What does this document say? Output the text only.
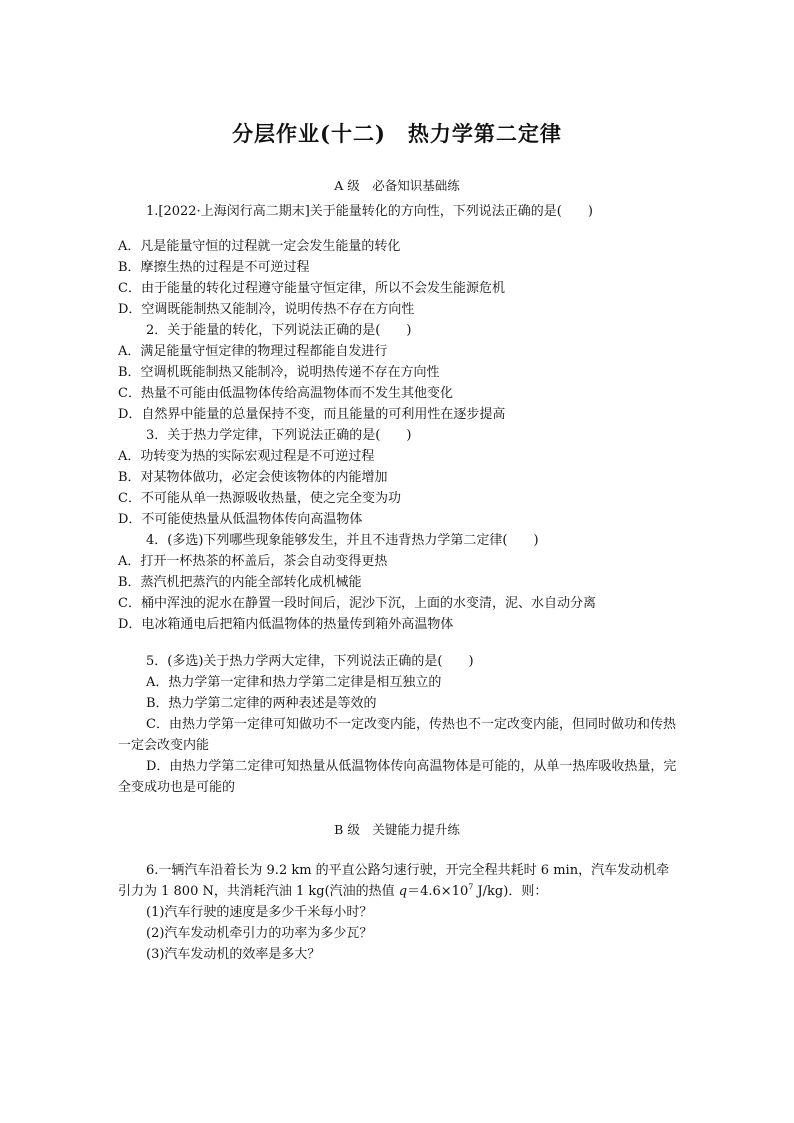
分层作业(十二)　热力学第二定律
A 级　必备知识基础练

1.[2022·上海闵行高二期末]关于能量转化的方向性，下列说法正确的是(　　)

A．凡是能量守恒的过程就一定会发生能量的转化

B．摩擦生热的过程是不可逆过程

C．由于能量的转化过程遵守能量守恒定律，所以不会发生能源危机

D．空调既能制热又能制冷，说明传热不存在方向性

2．关于能量的转化，下列说法正确的是(　　)

A．满足能量守恒定律的物理过程都能自发进行

B．空调机既能制热又能制冷，说明热传递不存在方向性

C．热量不可能由低温物体传给高温物体而不发生其他变化

D．自然界中能量的总量保持不变，而且能量的可利用性在逐步提高

3．关于热力学定律，下列说法正确的是(　　)

A．功转变为热的实际宏观过程是不可逆过程

B．对某物体做功，必定会使该物体的内能增加

C．不可能从单一热源吸收热量，使之完全变为功

D．不可能使热量从低温物体传向高温物体

4．(多选)下列哪些现象能够发生，并且不违背热力学第二定律(　　)

A．打开一杯热茶的杯盖后，茶会自动变得更热

B．蒸汽机把蒸汽的内能全部转化成机械能

C．桶中浑浊的泥水在静置一段时间后，泥沙下沉，上面的水变清，泥、水自动分离

D．电冰箱通电后把箱内低温物体的热量传到箱外高温物体

5．(多选)关于热力学两大定律，下列说法正确的是(　　)

A．热力学第一定律和热力学第二定律是相互独立的

B．热力学第二定律的两种表述是等效的

C．由热力学第一定律可知做功不一定改变内能，传热也不一定改变内能，但同时做功和传热一定会改变内能

D．由热力学第二定律可知热量从低温物体传向高温物体是可能的，从单一热库吸收热量，完全变成功也是可能的

B 级　关键能力提升练

6.一辆汽车沿着长为 9.2 km 的平直公路匀速行驶，开完全程共耗时 6 min，汽车发动机牵引力为 1 800 N，共消耗汽油 1 kg(汽油的热值 $q=4.6\times 10^7$ J/kg)．则：

(1)汽车行驶的速度是多少千米每小时？

(2)汽车发动机牵引力的功率为多少瓦？

(3)汽车发动机的效率是多大？
